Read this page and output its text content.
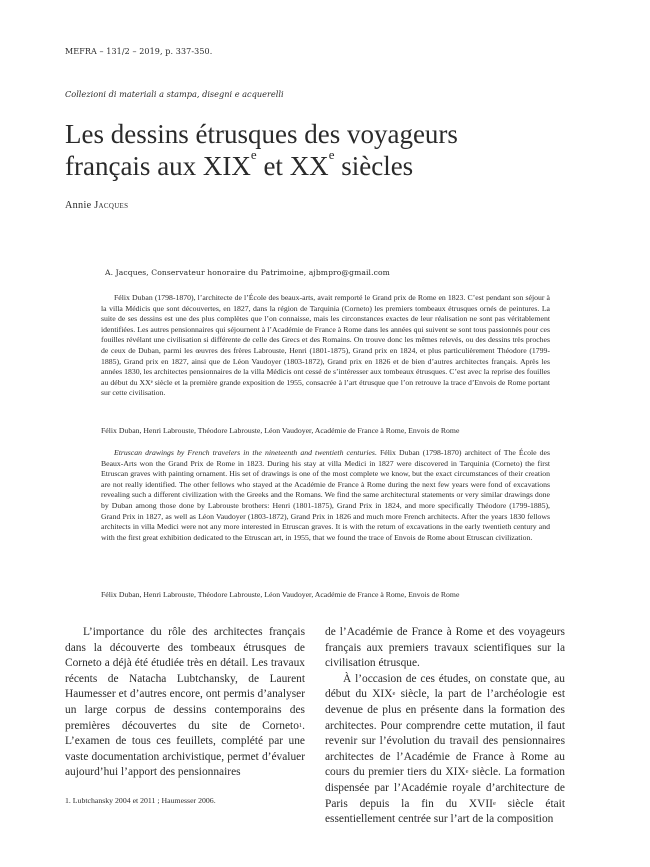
MEFRA – 131/2 – 2019, p. 337-350.
Collezioni di materiali a stampa, disegni e acquerelli
Les dessins étrusques des voyageurs
français aux XIXe et XXe siècles
Annie Jacques
A. Jacques, Conservateur honoraire du Patrimoine, ajbmpro@gmail.com

Félix Duban (1798-1870), l’architecte de l’École des beaux-arts, avait remporté le Grand prix de Rome en 1823. C’est pendant son séjour à la villa Médicis que sont découvertes, en 1827, dans la région de Tarquinia (Corneto) les premiers tombeaux étrusques ornés de peintures. La suite de ses dessins est une des plus complètes que l’on connaisse, mais les circonstances exactes de leur réalisation ne sont pas véritablement identifiées. Les autres pensionnaires qui séjournent à l’Académie de France à Rome dans les années qui suivent se sont tous passionnés pour ces fouilles révélant une civilisation si différente de celle des Grecs et des Romains. On trouve donc les mêmes relevés, ou des dessins très proches de ceux de Duban, parmi les œuvres des frères Labrouste, Henri (1801-1875), Grand prix en 1824, et plus particulièrement Théodore (1799-1885), Grand prix en 1827, ainsi que de Léon Vaudoyer (1803-1872), Grand prix en 1826 et de bien d’autres architectes français. Après les années 1830, les architectes pensionnaires de la villa Médicis ont cessé de s’intéresser aux tombeaux étrusques. C’est avec la reprise des fouilles au début du XXᵉ siècle et la première grande exposition de 1955, consacrée à l’art étrusque que l’on retrouve la trace d’Envois de Rome portant sur cette civilisation.

Félix Duban, Henri Labrouste, Théodore Labrouste, Léon Vaudoyer, Académie de France à Rome, Envois de Rome

Etruscan drawings by French travelers in the nineteenth and twentieth centuries. Félix Duban (1798-1870) architect of The École des Beaux-Arts won the Grand Prix de Rome in 1823. During his stay at villa Medici in 1827 were discovered in Tarquinia (Corneto) the first Etruscan graves with painting ornament. His set of drawings is one of the most complete we know, but the exact circumstances of their creation are not really identified. The other fellows who stayed at the Académie de France à Rome during the next few years were fond of excavations revealing such a different civilization with the Greeks and the Romans. We find the same architectural statements or very similar drawings done by Duban among those done by Labrouste brothers: Henri (1801-1875), Grand Prix in 1824, and more specifically Théodore (1799-1885), Grand Prix in 1827, as well as Léon Vaudoyer (1803-1872), Grand Prix in 1826 and much more French architects. After the years 1830 fellows architects in villa Medici were not any more interested in Etruscan graves. It is with the return of excavations in the early twentieth century and with the first great exhibition dedicated to the Etruscan art, in 1955, that we found the trace of Envois de Rome about Etruscan civilization.

Félix Duban, Henri Labrouste, Théodore Labrouste, Léon Vaudoyer, Académie de France à Rome, Envois de Rome

L’importance du rôle des architectes français dans la découverte des tombeaux étrusques de Corneto a déjà été étudiée très en détail. Les travaux récents de Natacha Lubtchansky, de Laurent Haumesser et d’autres encore, ont permis d’analyser un large corpus de dessins contemporains des premières découvertes du site de Corneto$^1$. L’examen de tous ces feuillets, complété par une vaste documentation archivistique, permet d’évaluer aujourd’hui l’apport des pensionnaires

de l’Académie de France à Rome et des voyageurs français aux premiers travaux scientifiques sur la civilisation étrusque.

À l’occasion de ces études, on constate que, au début du XIXe siècle, la part de l’archéologie est devenue de plus en présente dans la formation des architectes. Pour comprendre cette mutation, il faut revenir sur l’évolution du travail des pensionnaires architectes de l’Académie de France à Rome au cours du premier tiers du XIXe siècle. La formation dispensée par l’Académie royale d’architecture de Paris depuis la fin du XVIIe siècle était essentiellement centrée sur l’art de la composition

1. Lubtchansky 2004 et 2011 ; Haumesser 2006.
